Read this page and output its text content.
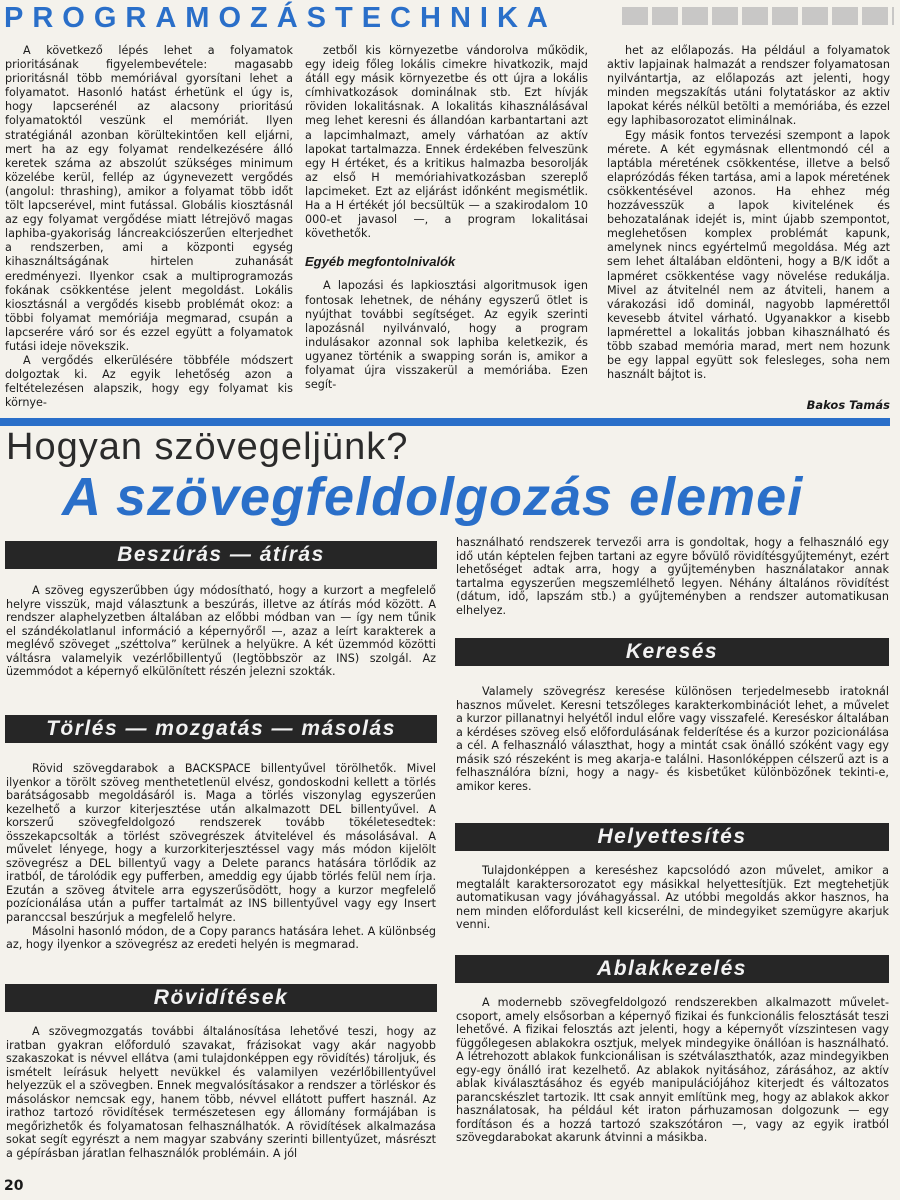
PROGRAMOZÁSTECHNIKA

A következő lépés lehet a folyamatok prioritásának figyelembevétele: magasabb prioritásnál több memóriával gyorsítani lehet a folyamatot. Hasonló hatást érhetünk el úgy is, hogy lapcserénél az alacsony prioritású folyamatoktól veszünk el memóriát. Ilyen stratégiánál azonban körültekintően kell eljárni, mert ha az egy folyamat rendelkezésére álló keretek száma az abszolút szükséges minimum közelébe kerül, fellép az úgynevezett vergődés (angolul: thrashing), amikor a folyamat több időt tölt lapcserével, mint futással. Globális kiosztásnál az egy folyamat vergődése miatt létrejövő magas laphiba-gyakoriság láncreakciószerűen elterjedhet a rendszerben, ami a központi egység kihasználtságának hirtelen zuhanását eredményezi. Ilyenkor csak a multiprogramozás fokának csökkentése jelent megoldást. Lokális kiosztásnál a vergődés kisebb problémát okoz: a többi folyamat memóriája megmarad, csupán a lapcserére váró sor és ezzel együtt a folyamatok futási ideje növekszik.

A vergődés elkerülésére többféle módszert dolgoztak ki. Az egyik lehetőség azon a feltételezésen alapszik, hogy egy folyamat kis környe-

zetből kis környezetbe vándorolva működik, egy ideig főleg lokális cimekre hivatkozik, majd átáll egy másik környezetbe és ott újra a lokális címhivatkozások dominálnak stb. Ezt hívják röviden lokalitásnak. A lokalitás kihasználásával meg lehet keresni és állandóan karbantartani azt a lapcimhalmazt, amely várhatóan az aktív lapokat tartalmazza. Ennek érdekében felveszünk egy H értéket, és a kritikus halmazba besorolják az első H memóriahivatkozásban szereplő lapcimeket. Ezt az eljárást időnként megismétlik. Ha a H értékét jól becsültük — a szakirodalom 10 000-et javasol —, a program lokalitásai követhetők.

Egyéb megfontolnivalók

A lapozási és lapkiosztási algoritmusok igen fontosak lehetnek, de néhány egyszerű ötlet is nyújthat további segítséget. Az egyik szerinti lapozásnál nyilvánvaló, hogy a program indulásakor azonnal sok laphiba keletkezik, és ugyanez történik a swapping során is, amikor a folyamat újra visszakerül a memóriába. Ezen segít-

het az előlapozás. Ha például a folyamatok aktiv lapjainak halmazát a rendszer folyamatosan nyilvántartja, az előlapozás azt jelenti, hogy minden megszakítás utáni folytatáskor az aktiv lapokat kérés nélkül betölti a memóriába, és ezzel egy laphibasorozatot eliminálnak.

Egy másik fontos tervezési szempont a lapok mérete. A két egymásnak ellentmondó cél a laptábla méretének csökkentése, illetve a belső elaprózódás féken tartása, ami a lapok méretének csökkentésével azonos. Ha ehhez még hozzávesszük a lapok kivitelének és behozatalának idejét is, mint újabb szempontot, meglehetősen komplex problémát kapunk, amelynek nincs egyértelmű megoldása. Még azt sem lehet általában eldönteni, hogy a B/K időt a lapméret csökkentése vagy növelése redukálja. Mivel az átvitelnél nem az átviteli, hanem a várakozási idő dominál, nagyobb lapmérettől kevesebb átvitel várható. Ugyanakkor a kisebb lapmérettel a lokalitás jobban kihasználható és több szabad memória marad, mert nem hozunk be egy lappal együtt sok felesleges, soha nem használt bájtot is.

Bakos Tamás
Hogyan szövegeljünk?
A szövegfeldolgozás elemei
Beszúrás — átírás

A szöveg egyszerűbben úgy módosítható, hogy a kurzort a megfelelő helyre visszük, majd választunk a beszúrás, illetve az átírás mód között. A rendszer alaphelyzetben általában az előbbi módban van — így nem tűnik el szándékolatlanul információ a képernyőről —, azaz a leírt karakterek a meglévő szöveget „széttolva” kerülnek a helyükre. A két üzemmód közötti váltásra valamelyik vezérlőbillentyű (legtöbbször az INS) szolgál. Az üzemmódot a képernyő elkülönített részén jelezni szokták.

Törlés — mozgatás — másolás

Rövid szövegdarabok a BACKSPACE billentyűvel törölhetők. Mivel ilyenkor a törölt szöveg menthetetlenül elvész, gondoskodni kellett a törlés barátságosabb megoldásáról is. Maga a törlés viszonylag egyszerűen kezelhető a kurzor kiterjesztése után alkalmazott DEL billentyűvel. A korszerű szövegfeldolgozó rendszerek tovább tökéletesedtek: összekapcsolták a törlést szövegrészek átvitelével és másolásával. A művelet lényege, hogy a kurzorkiterjesztéssel vagy más módon kijelölt szövegrész a DEL billentyű vagy a Delete parancs hatására törlődik az iratból, de tárolódik egy pufferben, ameddig egy újabb törlés felül nem írja. Ezután a szöveg átvitele arra egyszerűsödött, hogy a kurzor megfelelő pozícionálása után a puffer tartalmát az INS billentyűvel vagy egy Insert paranccsal beszúrjuk a megfelelő helyre.

Másolni hasonló módon, de a Copy parancs hatására lehet. A különbség az, hogy ilyenkor a szövegrész az eredeti helyén is megmarad.

Rövidítések

A szövegmozgatás további általánosítása lehetővé teszi, hogy az iratban gyakran előforduló szavakat, frázisokat vagy akár nagyobb szakaszokat is névvel ellátva (ami tulajdonképpen egy rövidítés) tároljuk, és ismételt leírásuk helyett nevükkel és valamilyen vezérlőbillentyűvel helyezzük el a szövegben. Ennek megvalósításakor a rendszer a törléskor és másoláskor nemcsak egy, hanem több, névvel ellátott puffert használ. Az irathoz tartozó rövidítések természetesen egy állomány formájában is megőrizhetők és folyamatosan felhasználhatók. A rövidítések alkalmazása sokat segít egyrészt a nem magyar szabvány szerinti billentyűzet, másrészt a gépírásban járatlan felhasználók problémáin. A jól

használható rendszerek tervezői arra is gondoltak, hogy a felhasználó egy idő után képtelen fejben tartani az egyre bővülő rövidítésgyűjteményt, ezért lehetőséget adtak arra, hogy a gyűjteményben használatakor annak tartalma egyszerűen megszemlélhető legyen. Néhány általános rövidítést (dátum, idő, lapszám stb.) a gyűjteményben a rendszer automatikusan elhelyez.

Keresés

Valamely szövegrész keresése különösen terjedelmesebb iratoknál hasznos művelet. Keresni tetszőleges karakterkombinációt lehet, a művelet a kurzor pillanatnyi helyétől indul előre vagy visszafelé. Kereséskor általában a kérdéses szöveg első előfordulásának felderítése és a kurzor pozicionálása a cél. A felhasználó választhat, hogy a mintát csak önálló szóként vagy egy másik szó részeként is meg akarja-e találni. Hasonlóképpen célszerű azt is a felhasználóra bízni, hogy a nagy- és kisbetűket különbözőnek tekinti-e, amikor keres.

Helyettesítés

Tulajdonképpen a kereséshez kapcsolódó azon művelet, amikor a megtalált karaktersorozatot egy másikkal helyettesítjük. Ezt megtehetjük automatikusan vagy jóváhagyással. Az utóbbi megoldás akkor hasznos, ha nem minden előfordulást kell kicserélni, de mindegyiket szemügyre akarjuk venni.

Ablakkezelés

A modernebb szövegfeldolgozó rendszerekben alkalmazott műveletcsoport, amely elsősorban a képernyő fizikai és funkcionális felosztását teszi lehetővé. A fizikai felosztás azt jelenti, hogy a képernyőt vízszintesen vagy függőlegesen ablakokra osztjuk, melyek mindegyike önállóan is használható. A létrehozott ablakok funkcionálisan is szétválaszthatók, azaz mindegyikben egy-egy önálló irat kezelhető. Az ablakok nyitásához, zárásához, az aktív ablak kiválasztásához és egyéb manipulációjához kiterjedt és változatos parancskészlet tartozik. Itt csak annyit említünk meg, hogy az ablakok akkor használatosak, ha például két iraton párhuzamosan dolgozunk — egy fordításon és a hozzá tartozó szakszótáron —, vagy az egyik iratból szövegdarabokat akarunk átvinni a másikba.

20
